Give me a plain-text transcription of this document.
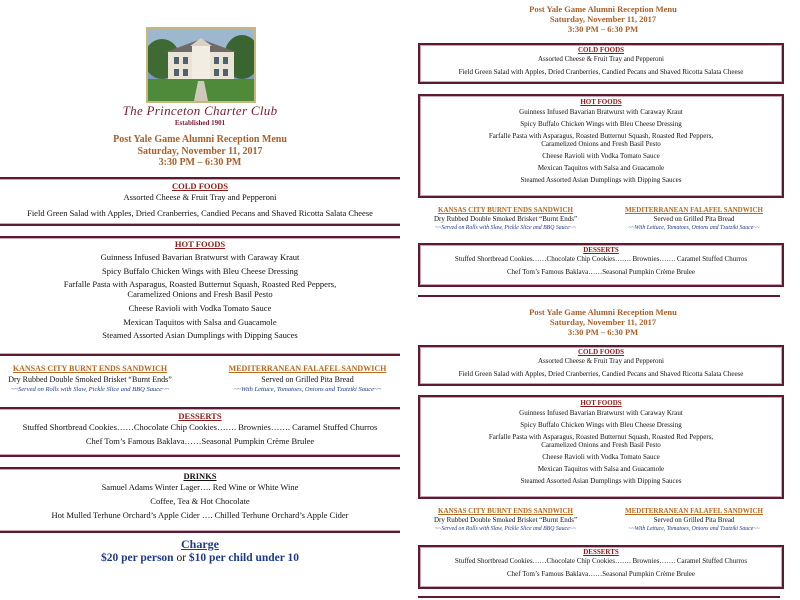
The Princeton Charter Club
Established 1901
Post Yale Game Alumni Reception Menu
Saturday, November 11, 2017
3:30 PM – 6:30 PM
COLD FOODS
Assorted Cheese & Fruit Tray and Pepperoni
Field Green Salad with Apples, Dried Cranberries, Candied Pecans and Shaved Ricotta Salata Cheese
HOT FOODS
Guinness Infused Bavarian Bratwurst with Caraway Kraut
Spicy Buffalo Chicken Wings with Bleu Cheese Dressing
Farfalle Pasta with Asparagus, Roasted Butternut Squash, Roasted Red Peppers,
Caramelized Onions and Fresh Basil Pesto
Cheese Ravioli with Vodka Tomato Sauce
Mexican Taquitos with Salsa and Guacamole
Steamed Assorted Asian Dumplings with Dipping Sauces
KANSAS CITY BURNT ENDS SANDWICH
Dry Rubbed Double Smoked Brisket “Burnt Ends”
~~Served on Rolls with Slaw, Pickle Slice and BBQ Sauce~~
MEDITERRANEAN FALAFEL SANDWICH
Served on Grilled Pita Bread
~~With Lettuce, Tomatoes, Onions and Tzatziki Sauce~~
DESSERTS
Stuffed Shortbread Cookies……Chocolate Chip Cookies……. Brownies……. Caramel Stuffed Churros
Chef Tom’s Famous Baklava……Seasonal Pumpkin Crème Brulee
DRINKS
Samuel Adams Winter Lager…. Red Wine or White Wine
Coffee, Tea & Hot Chocolate
Hot Mulled Terhune Orchard’s Apple Cider …. Chilled Terhune Orchard’s Apple Cider
Charge
$20 per person or $10 per child under 10
Post Yale Game Alumni Reception Menu
Saturday, November 11, 2017
3:30 PM – 6:30 PM
COLD FOODS
Assorted Cheese & Fruit Tray and Pepperoni
Field Green Salad with Apples, Dried Cranberries, Candied Pecans and Shaved Ricotta Salata Cheese
HOT FOODS
Guinness Infused Bavarian Bratwurst with Caraway Kraut
Spicy Buffalo Chicken Wings with Bleu Cheese Dressing
Farfalle Pasta with Asparagus, Roasted Butternut Squash, Roasted Red Peppers,
Caramelized Onions and Fresh Basil Pesto
Cheese Ravioli with Vodka Tomato Sauce
Mexican Taquitos with Salsa and Guacamole
Steamed Assorted Asian Dumplings with Dipping Sauces
KANSAS CITY BURNT ENDS SANDWICH
Dry Rubbed Double Smoked Brisket “Burnt Ends”
~~Served on Rolls with Slaw, Pickle Slice and BBQ Sauce~~
MEDITERRANEAN FALAFEL SANDWICH
Served on Grilled Pita Bread
~~With Lettuce, Tomatoes, Onions and Tzatziki Sauce~~
DESSERTS
Stuffed Shortbread Cookies……Chocolate Chip Cookies……. Brownies……. Caramel Stuffed Churros
Chef Tom’s Famous Baklava……Seasonal Pumpkin Crème Brulee
Post Yale Game Alumni Reception Menu
Saturday, November 11, 2017
3:30 PM – 6:30 PM
COLD FOODS
Assorted Cheese & Fruit Tray and Pepperoni
Field Green Salad with Apples, Dried Cranberries, Candied Pecans and Shaved Ricotta Salata Cheese
HOT FOODS
Guinness Infused Bavarian Bratwurst with Caraway Kraut
Spicy Buffalo Chicken Wings with Bleu Cheese Dressing
Farfalle Pasta with Asparagus, Roasted Butternut Squash, Roasted Red Peppers,
Caramelized Onions and Fresh Basil Pesto
Cheese Ravioli with Vodka Tomato Sauce
Mexican Taquitos with Salsa and Guacamole
Steamed Assorted Asian Dumplings with Dipping Sauces
KANSAS CITY BURNT ENDS SANDWICH
Dry Rubbed Double Smoked Brisket “Burnt Ends”
~~Served on Rolls with Slaw, Pickle Slice and BBQ Sauce~~
MEDITERRANEAN FALAFEL SANDWICH
Served on Grilled Pita Bread
~~With Lettuce, Tomatoes, Onions and Tzatziki Sauce~~
DESSERTS
Stuffed Shortbread Cookies……Chocolate Chip Cookies……. Brownies……. Caramel Stuffed Churros
Chef Tom’s Famous Baklava……Seasonal Pumpkin Crème Brulee
